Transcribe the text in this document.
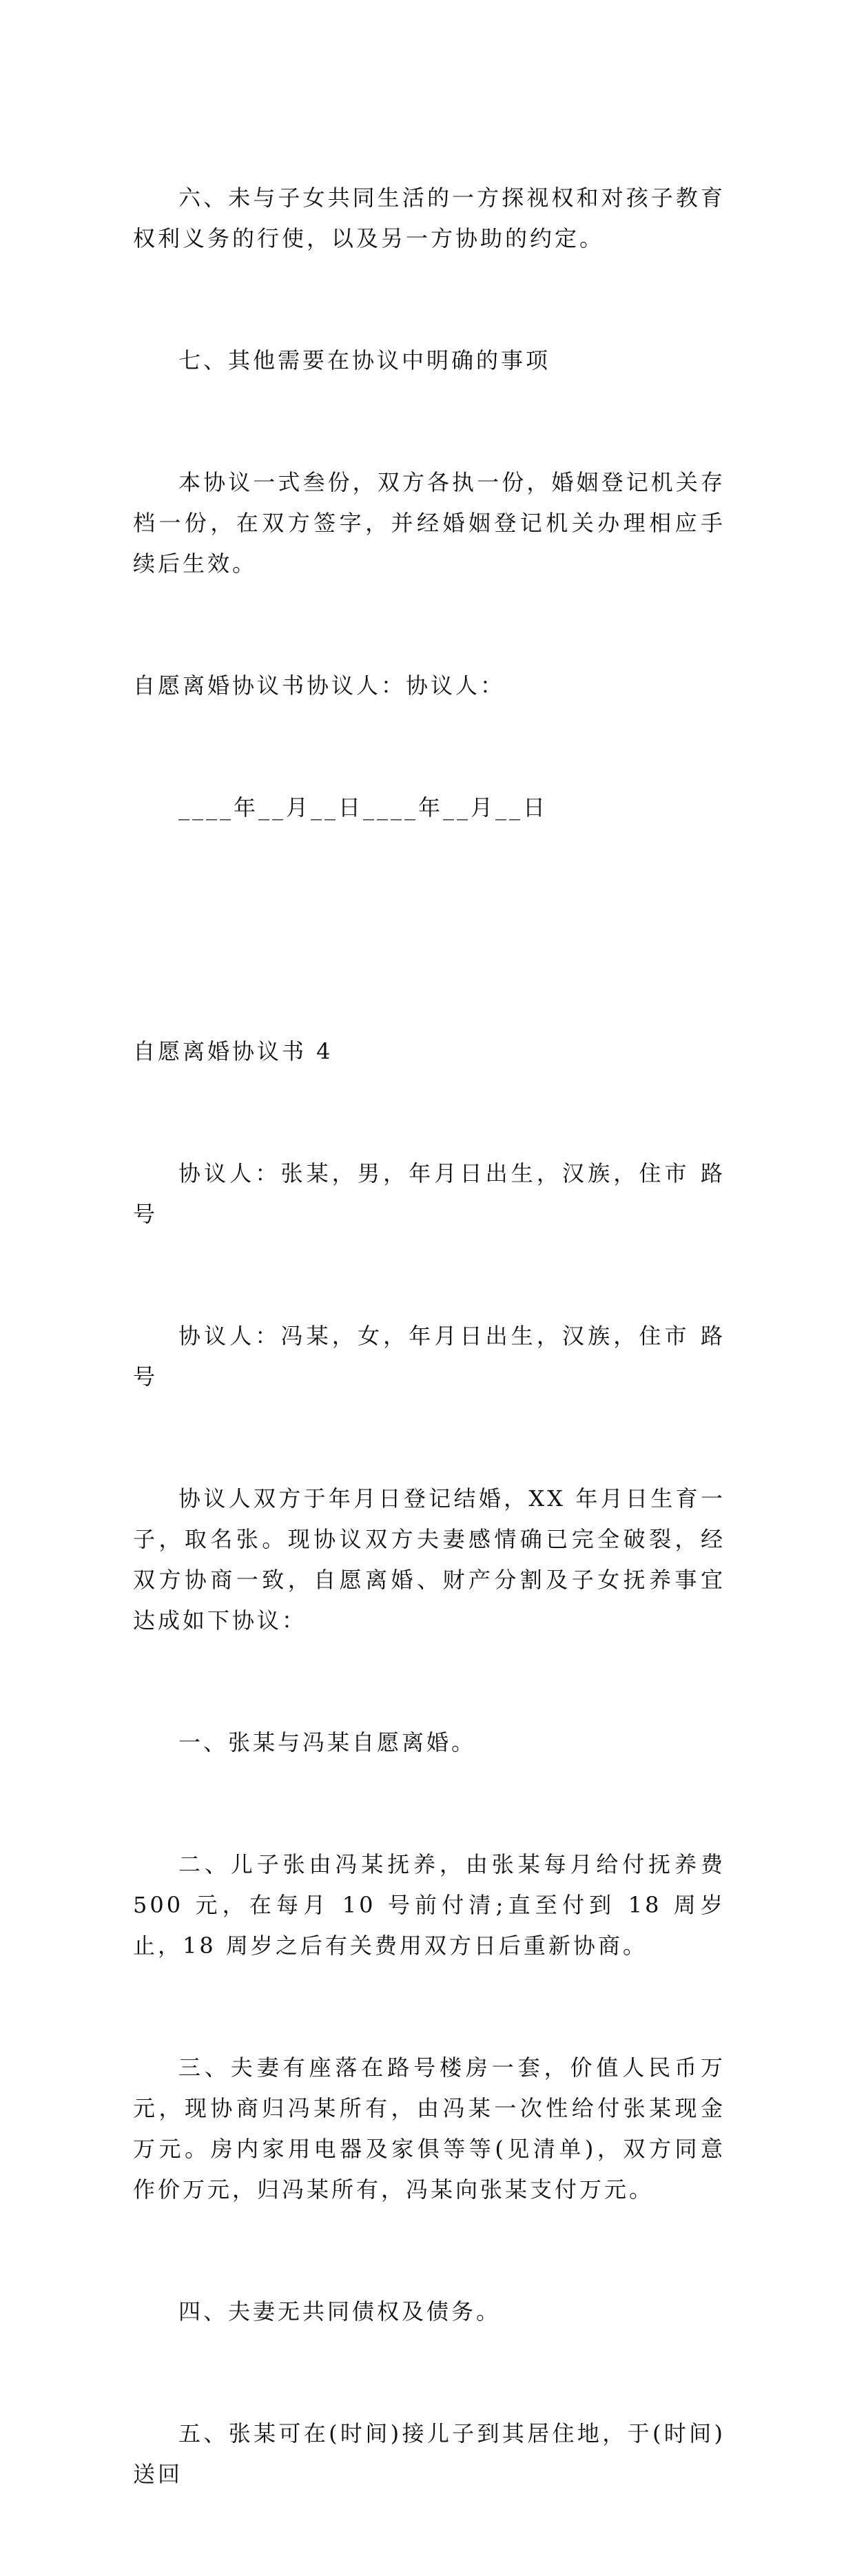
六、未与子女共同生活的一方探视权和对孩子教育权利义务的行使，以及另一方协助的约定。

七、其他需要在协议中明确的事项

本协议一式叁份，双方各执一份，婚姻登记机关存档一份，在双方签字，并经婚姻登记机关办理相应手续后生效。

自愿离婚协议书协议人：协议人：

____年__月__日____年__月__日

自愿离婚协议书 4

协议人：张某，男，年月日出生，汉族，住市 路号

协议人：冯某，女，年月日出生，汉族，住市 路号

协议人双方于年月日登记结婚，XX 年月日生育一子，取名张。现协议双方夫妻感情确已完全破裂，经双方协商一致，自愿离婚、财产分割及子女抚养事宜达成如下协议：

一、张某与冯某自愿离婚。

二、儿子张由冯某抚养，由张某每月给付抚养费 500 元，在每月 10 号前付清;直至付到 18 周岁止，18 周岁之后有关费用双方日后重新协商。

三、夫妻有座落在路号楼房一套，价值人民币万元，现协商归冯某所有，由冯某一次性给付张某现金万元。房内家用电器及家俱等等(见清单)，双方同意作价万元，归冯某所有，冯某向张某支付万元。

四、夫妻无共同债权及债务。

五、张某可在(时间)接儿子到其居住地，于(时间)送回
